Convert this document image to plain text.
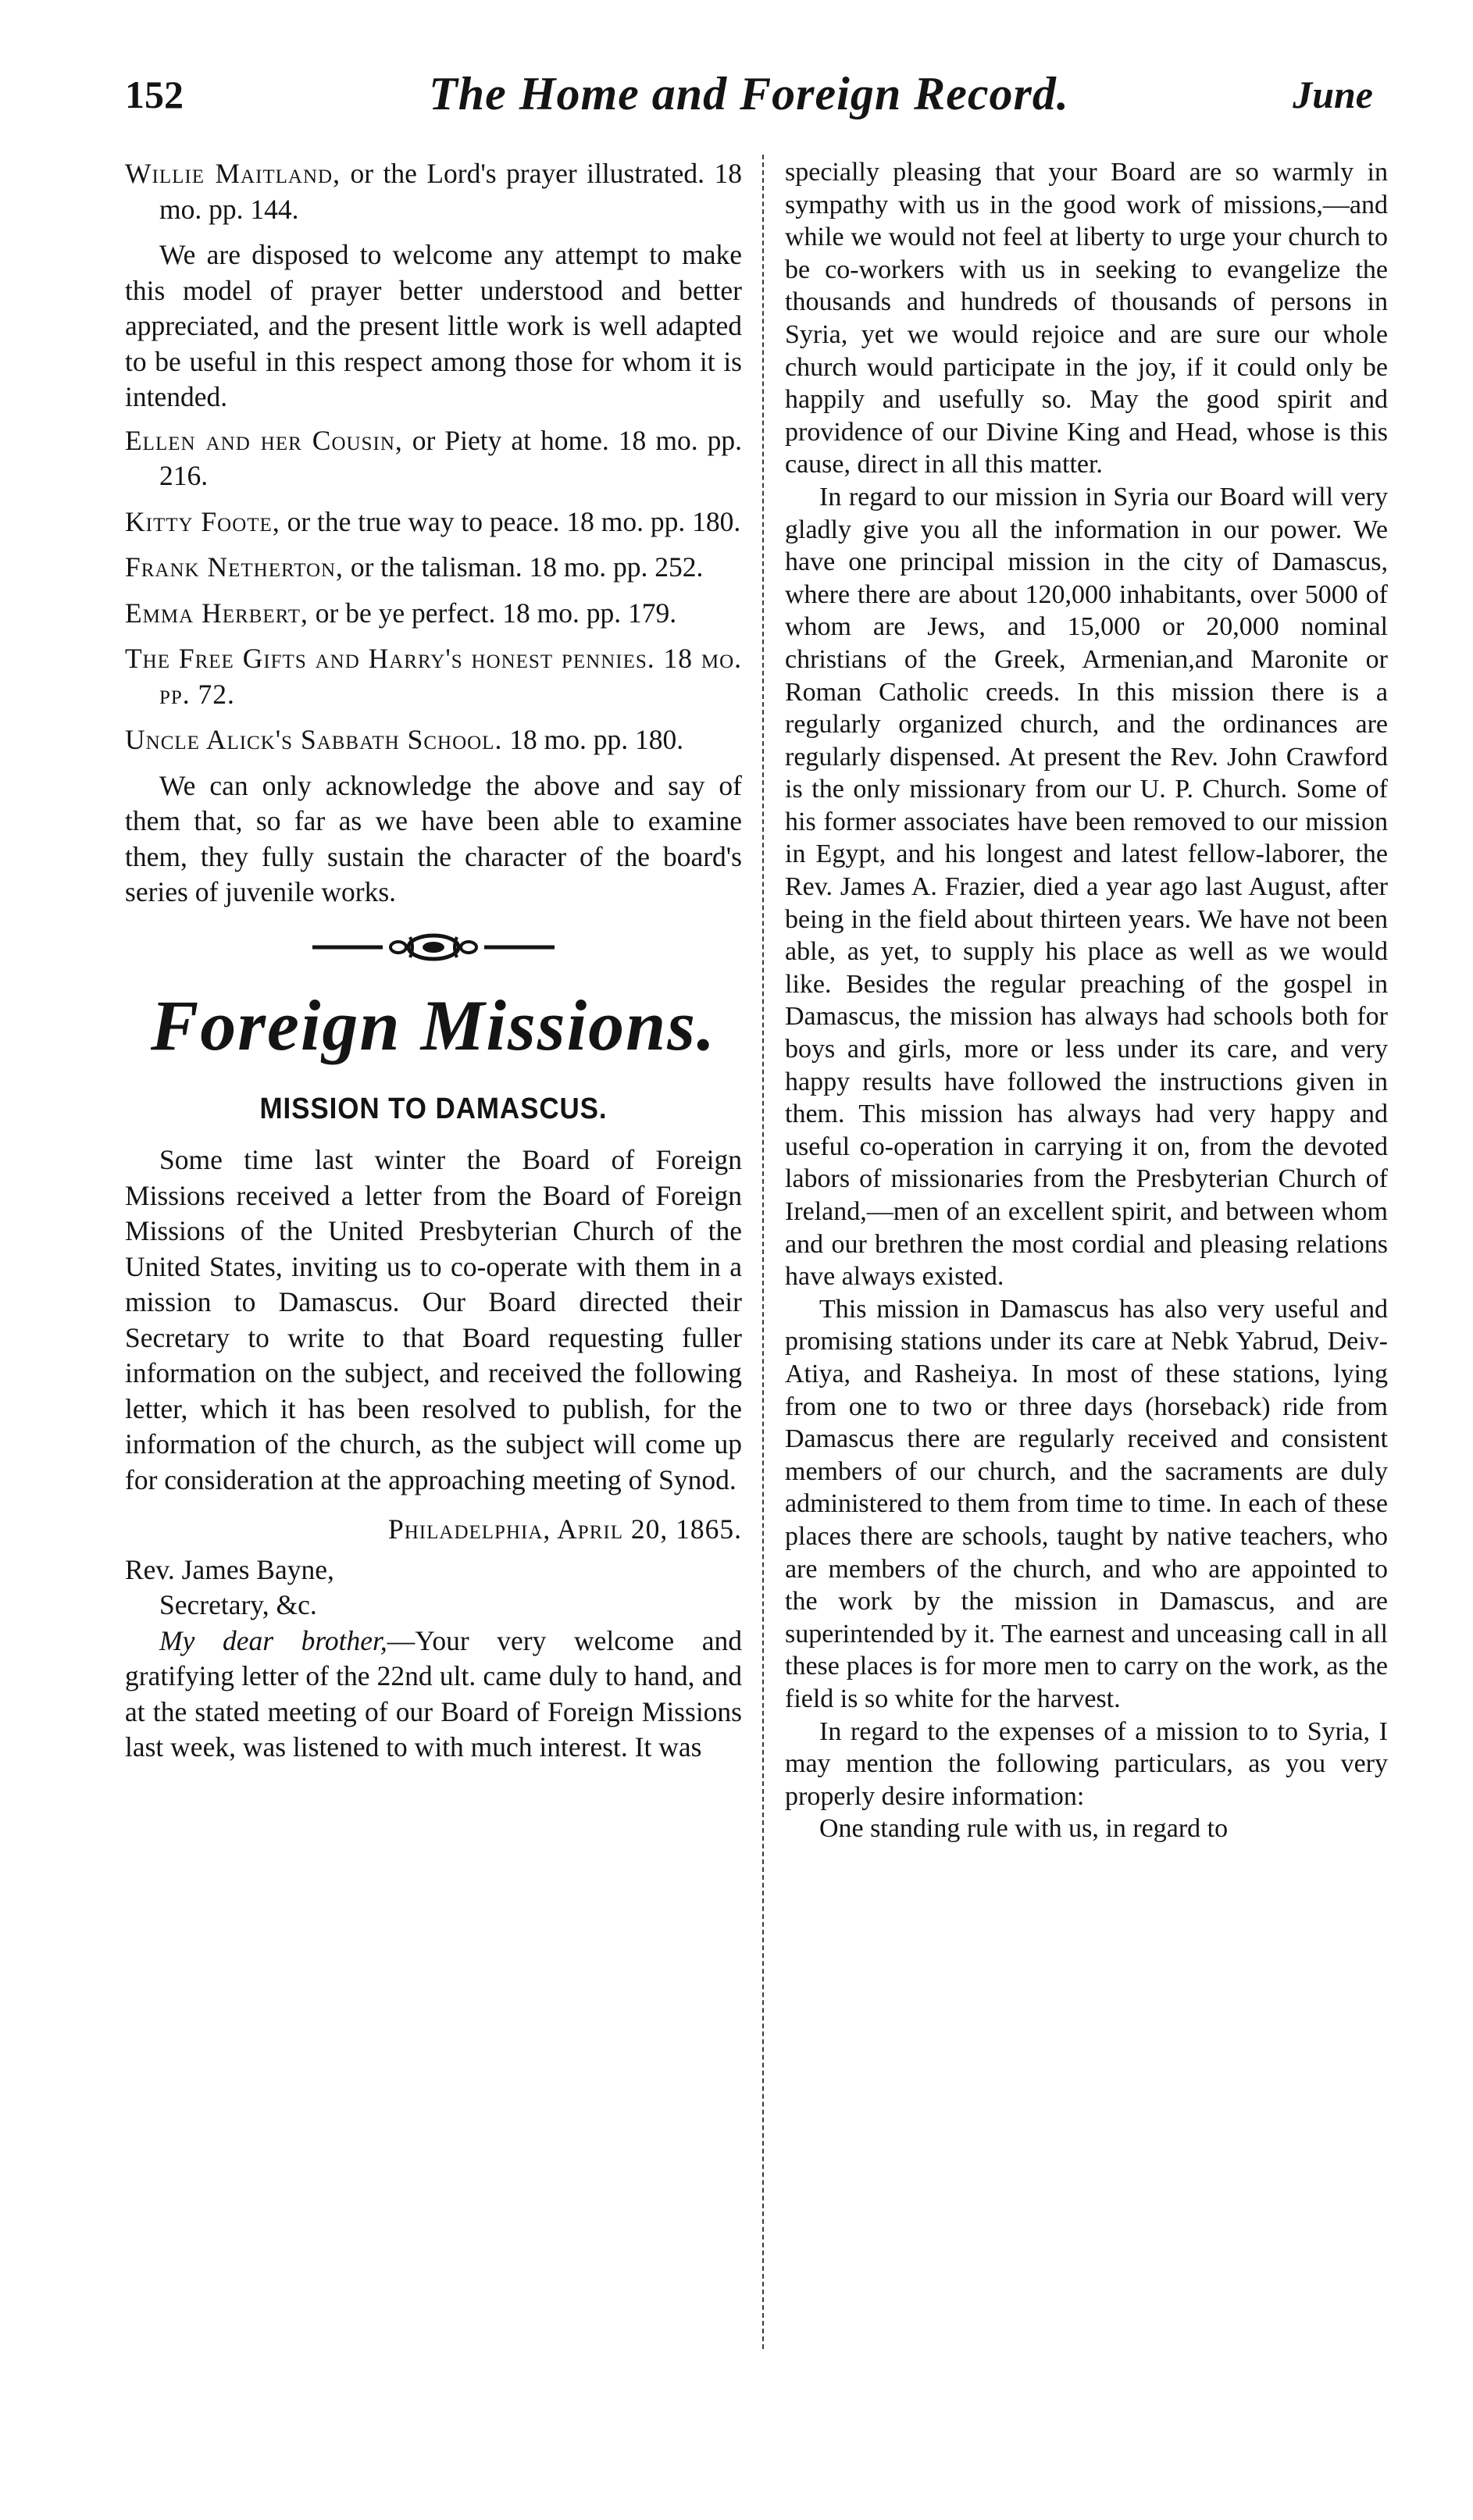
152	The Home and Foreign Record.	June

Willie Maitland, or the Lord's prayer illustrated. 18 mo. pp. 144.

We are disposed to welcome any attempt to make this model of prayer better understood and better appreciated, and the present little work is well adapted to be useful in this respect among those for whom it is intended.

Ellen and her Cousin, or Piety at home. 18 mo. pp. 216.

Kitty Foote, or the true way to peace. 18 mo. pp. 180.

Frank Netherton, or the talisman. 18 mo. pp. 252.

Emma Herbert, or be ye perfect. 18 mo. pp. 179.

The Free Gifts and Harry's honest pennies. 18 mo. pp. 72.

Uncle Alick's Sabbath School. 18 mo. pp. 180.

We can only acknowledge the above and say of them that, so far as we have been able to examine them, they fully sustain the character of the board's series of juvenile works.

Foreign Missions.
MISSION TO DAMASCUS.

Some time last winter the Board of Foreign Missions received a letter from the Board of Foreign Missions of the United Presbyterian Church of the United States, inviting us to co-operate with them in a mission to Damascus. Our Board directed their Secretary to write to that Board requesting fuller information on the subject, and received the following letter, which it has been resolved to publish, for the information of the church, as the subject will come up for consideration at the approaching meeting of Synod.

Philadelphia, April 20, 1865.

Rev. James Bayne,

Secretary, &c.

My dear brother,—Your very welcome and gratifying letter of the 22nd ult. came duly to hand, and at the stated meeting of our Board of Foreign Missions last week, was listened to with much interest. It was

specially pleasing that your Board are so warmly in sympathy with us in the good work of missions,—and while we would not feel at liberty to urge your church to be co-workers with us in seeking to evangelize the thousands and hundreds of thousands of persons in Syria, yet we would rejoice and are sure our whole church would participate in the joy, if it could only be happily and usefully so. May the good spirit and providence of our Divine King and Head, whose is this cause, direct in all this matter.

In regard to our mission in Syria our Board will very gladly give you all the information in our power. We have one principal mission in the city of Damascus, where there are about 120,000 inhabitants, over 5000 of whom are Jews, and 15,000 or 20,000 nominal christians of the Greek, Armenian,and Maronite or Roman Catholic creeds. In this mission there is a regularly organized church, and the ordinances are regularly dispensed. At present the Rev. John Crawford is the only missionary from our U. P. Church. Some of his former associates have been removed to our mission in Egypt, and his longest and latest fellow-laborer, the Rev. James A. Frazier, died a year ago last August, after being in the field about thirteen years. We have not been able, as yet, to supply his place as well as we would like. Besides the regular preaching of the gospel in Damascus, the mission has always had schools both for boys and girls, more or less under its care, and very happy results have followed the instructions given in them. This mission has always had very happy and useful co-operation in carrying it on, from the devoted labors of missionaries from the Presbyterian Church of Ireland,—men of an excellent spirit, and between whom and our brethren the most cordial and pleasing relations have always existed.

This mission in Damascus has also very useful and promising stations under its care at Nebk Yabrud, Deiv-Atiya, and Rasheiya. In most of these stations, lying from one to two or three days (horseback) ride from Damascus there are regularly received and consistent members of our church, and the sacraments are duly administered to them from time to time. In each of these places there are schools, taught by native teachers, who are members of the church, and who are appointed to the work by the mission in Damascus, and are superintended by it. The earnest and unceasing call in all these places is for more men to carry on the work, as the field is so white for the harvest.

In regard to the expenses of a mission to to Syria, I may mention the following particulars, as you very properly desire information:

One standing rule with us, in regard to
